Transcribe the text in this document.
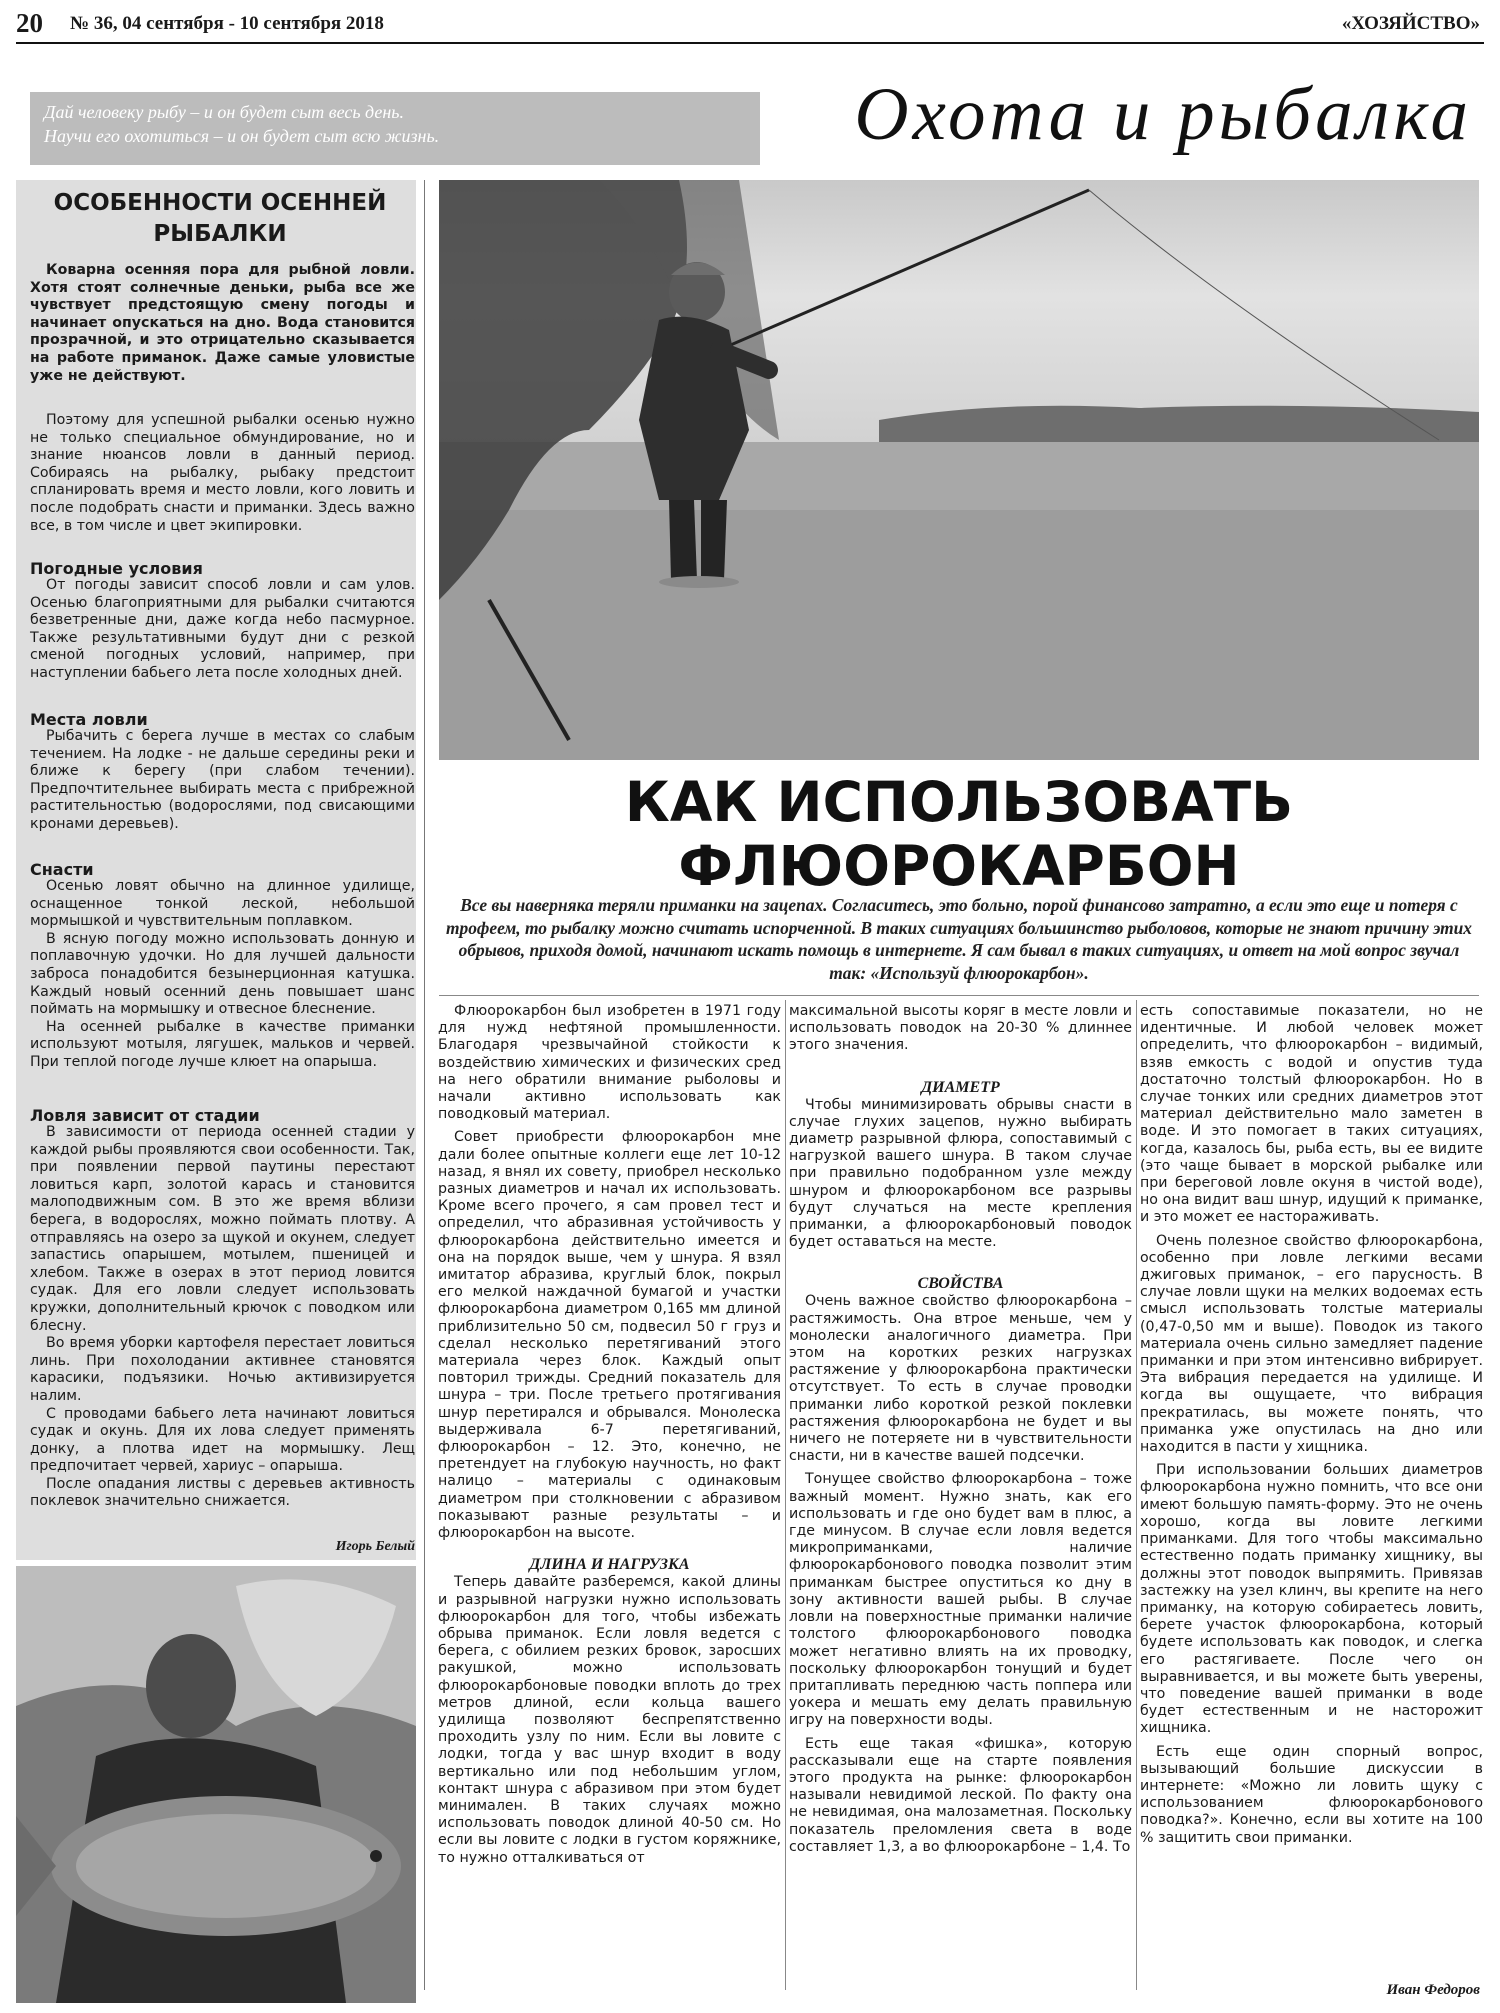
20 № 36, 04 сентября - 10 сентября 2018	«ХОЗЯЙСТВО»
Дай человеку рыбу – и он будет сыт весь день.
Научи его охотиться – и он будет сыт всю жизнь.	Охота и рыбалка
ОСОБЕННОСТИ ОСЕННЕЙ
РЫБАЛКИ

Коварна осенняя пора для рыбной ловли. Хотя стоят солнечные деньки, рыба все же чувствует предстоящую смену погоды и начинает опускаться на дно. Вода становится прозрачной, и это отрицательно сказывается на работе приманок. Даже самые уловистые уже не действуют.

Поэтому для успешной рыбалки осенью нужно не только специальное обмундирование, но и знание нюансов ловли в данный период. Собираясь на рыбалку, рыбаку предстоит спланировать время и место ловли, кого ловить и после подобрать снасти и приманки. Здесь важно все, в том числе и цвет экипировки.

Погодные условия

От погоды зависит способ ловли и сам улов. Осенью благоприятными для рыбалки считаются безветренные дни, даже когда небо пасмурное. Также результативными будут дни с резкой сменой погодных условий, например, при наступлении бабьего лета после холодных дней.

Места ловли

Рыбачить с берега лучше в местах со слабым течением. На лодке - не дальше середины реки и ближе к берегу (при слабом течении). Предпочтительнее выбирать места с прибрежной растительностью (водорослями, под свисающими кронами деревьев).

Снасти

Осенью ловят обычно на длинное удилище, оснащенное тонкой леской, небольшой мормышкой и чувствительным поплавком.

В ясную погоду можно использовать донную и поплавочную удочки. Но для лучшей дальности заброса понадобится безынерционная катушка. Каждый новый осенний день повышает шанс поймать на мормышку и отвесное блеснение.

На осенней рыбалке в качестве приманки используют мотыля, лягушек, мальков и червей. При теплой погоде лучше клюет на опарыша.

Ловля зависит от стадии

В зависимости от периода осенней стадии у каждой рыбы проявляются свои особенности. Так, при появлении первой паутины перестают ловиться карп, золотой карась и становится малоподвижным сом. В это же время вблизи берега, в водорослях, можно поймать плотву. А отправляясь на озеро за щукой и окунем, следует запастись опарышем, мотылем, пшеницей и хлебом. Также в озерах в этот период ловится судак. Для его ловли следует использовать кружки, дополнительный крючок с поводком или блесну.

Во время уборки картофеля перестает ловиться линь. При похолодании активнее становятся карасики, подъязики. Ночью активизируется налим.

С проводами бабьего лета начинают ловиться судак и окунь. Для их лова следует применять донку, а плотва идет на мормышку. Лещ предпочитает червей, хариус – опарыша.

После опадания листвы с деревьев активность поклевок значительно снижается.

Игорь Белый
КАК ИСПОЛЬЗОВАТЬ
ФЛЮОРОКАРБОН
Все вы наверняка теряли приманки на зацепах. Согласитесь, это больно, порой финансово затратно, а если это еще и потеря с трофеем, то рыбалку можно считать испорченной. В таких ситуациях большинство рыболовов, которые не знают причину этих обрывов, приходя домой, начинают искать помощь в интернете. Я сам бывал в таких ситуациях, и ответ на мой вопрос звучал так: «Используй флюорокарбон».

Флюорокарбон был изобретен в 1971 году для нужд нефтяной промышленности. Благодаря чрезвычайной стойкости к воздействию химических и физических сред на него обратили внимание рыболовы и начали активно использовать как поводковый материал.

Совет приобрести флюорокарбон мне дали более опытные коллеги еще лет 10-12 назад, я внял их совету, приобрел несколько разных диаметров и начал их использовать. Кроме всего прочего, я сам провел тест и определил, что абразивная устойчивость у флюорокарбона действительно имеется и она на порядок выше, чем у шнура. Я взял имитатор абразива, круглый блок, покрыл его мелкой наждачной бумагой и участки флюорокарбона диаметром 0,165 мм длиной приблизительно 50 см, подвесил 50 г груз и сделал несколько перетягиваний этого материала через блок. Каждый опыт повторил трижды. Средний показатель для шнура – три. После третьего протягивания шнур перетирался и обрывался. Монолеска выдерживала 6-7 перетягиваний, флюорокарбон – 12. Это, конечно, не претендует на глубокую научность, но факт налицо – материалы с одинаковым диаметром при столкновении с абразивом показывают разные результаты – и флюорокарбон на высоте.

ДЛИНА И НАГРУЗКА

Теперь давайте разберемся, какой длины и разрывной нагрузки нужно использовать флюорокарбон для того, чтобы избежать обрыва приманок. Если ловля ведется с берега, с обилием резких бровок, заросших ракушкой, можно использовать флюорокарбоновые поводки вплоть до трех метров длиной, если кольца вашего удилища позволяют беспрепятственно проходить узлу по ним. Если вы ловите с лодки, тогда у вас шнур входит в воду вертикально или под небольшим углом, контакт шнура с абразивом при этом будет минимален. В таких случаях можно использовать поводок длиной 40-50 см. Но если вы ловите с лодки в густом коряжнике, то нужно отталкиваться от

максимальной высоты коряг в месте ловли и использовать поводок на 20-30 % длиннее этого значения.

ДИАМЕТР

Чтобы минимизировать обрывы снасти в случае глухих зацепов, нужно выбирать диаметр разрывной флюра, сопоставимый с нагрузкой вашего шнура. В таком случае при правильно подобранном узле между шнуром и флюорокарбоном все разрывы будут случаться на месте крепления приманки, а флюорокарбоновый поводок будет оставаться на месте.

СВОЙСТВА

Очень важное свойство флюорокарбона – растяжимость. Она втрое меньше, чем у монолески аналогичного диаметра. При этом на коротких резких нагрузках растяжение у флюорокарбона практически отсутствует. То есть в случае проводки приманки либо короткой резкой поклевки растяжения флюорокарбона не будет и вы ничего не потеряете ни в чувствительности снасти, ни в качестве вашей подсечки.

Тонущее свойство флюорокарбона – тоже важный момент. Нужно знать, как его использовать и где оно будет вам в плюс, а где минусом. В случае если ловля ведется микроприманками, наличие флюорокарбонового поводка позволит этим приманкам быстрее опуститься ко дну в зону активности вашей рыбы. В случае ловли на поверхностные приманки наличие толстого флюорокарбонового поводка может негативно влиять на их проводку, поскольку флюорокарбон тонущий и будет притапливать переднюю часть поппера или уокера и мешать ему делать правильную игру на поверхности воды.

Есть еще такая «фишка», которую рассказывали еще на старте появления этого продукта на рынке: флюорокарбон называли невидимой леской. По факту она не невидимая, она малозаметная. Поскольку показатель преломления света в воде составляет 1,3, а во флюорокарбоне – 1,4. То

есть сопоставимые показатели, но не идентичные. И любой человек может определить, что флюорокарбон – видимый, взяв емкость с водой и опустив туда достаточно толстый флюорокарбон. Но в случае тонких или средних диаметров этот материал действительно мало заметен в воде. И это помогает в таких ситуациях, когда, казалось бы, рыба есть, вы ее видите (это чаще бывает в морской рыбалке или при береговой ловле окуня в чистой воде), но она видит ваш шнур, идущий к приманке, и это может ее настораживать.

Очень полезное свойство флюорокарбона, особенно при ловле легкими весами джиговых приманок, – его парусность. В случае ловли щуки на мелких водоемах есть смысл использовать толстые материалы (0,47-0,50 мм и выше). Поводок из такого материала очень сильно замедляет падение приманки и при этом интенсивно вибрирует. Эта вибрация передается на удилище. И когда вы ощущаете, что вибрация прекратилась, вы можете понять, что приманка уже опустилась на дно или находится в пасти у хищника.

При использовании больших диаметров флюорокарбона нужно помнить, что все они имеют большую память-форму. Это не очень хорошо, когда вы ловите легкими приманками. Для того чтобы максимально естественно подать приманку хищнику, вы должны этот поводок выпрямить. Привязав застежку на узел клинч, вы крепите на него приманку, на которую собираетесь ловить, берете участок флюорокарбона, который будете использовать как поводок, и слегка его растягиваете. После чего он выравнивается, и вы можете быть уверены, что поведение вашей приманки в воде будет естественным и не насторожит хищника.

Есть еще один спорный вопрос, вызывающий большие дискуссии в интернете: «Можно ли ловить щуку с использованием флюорокарбонового поводка?». Конечно, если вы хотите на 100 % защитить свои приманки.

Иван Федоров
